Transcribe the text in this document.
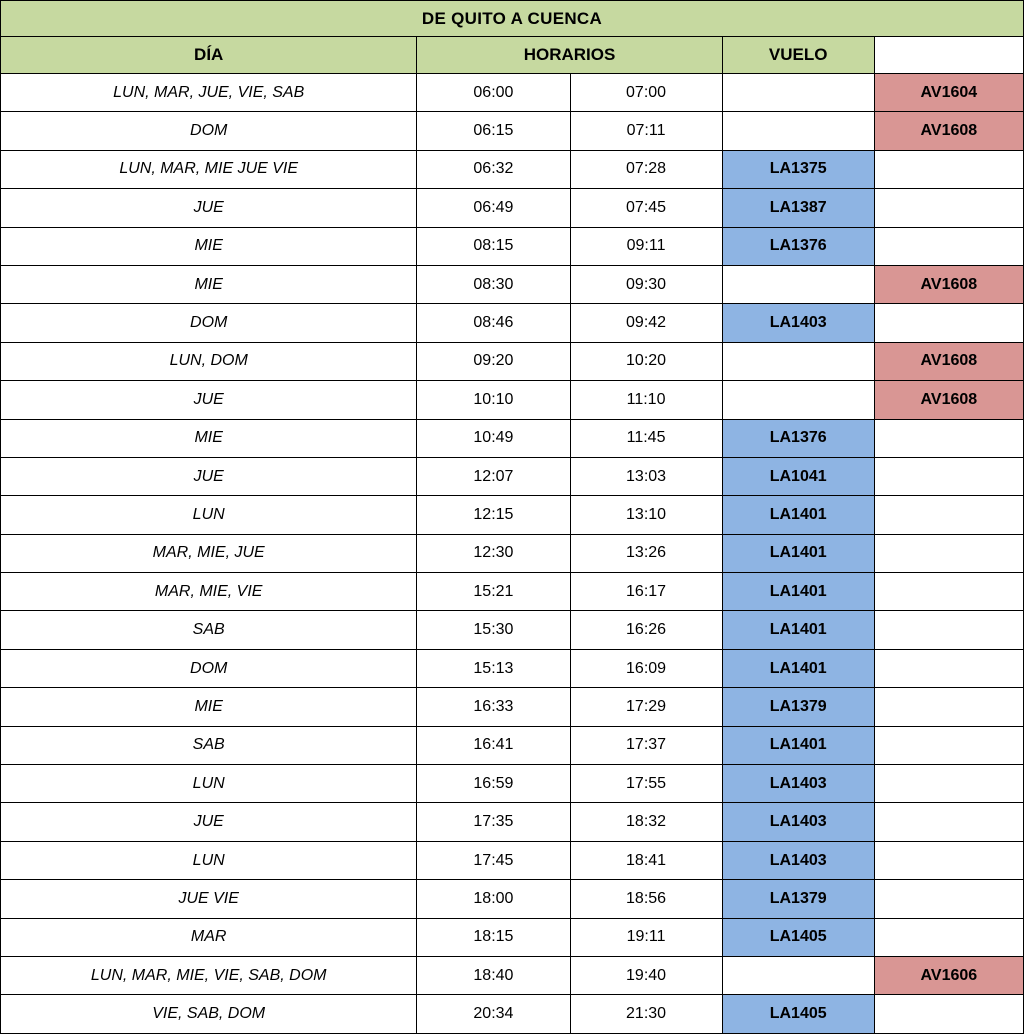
DE QUITO A CUENCA				
DÍA	HORARIOS		VUELO	
LUN, MAR, JUE, VIE, SAB	06:00	07:00		AV1604
DOM	06:15	07:11		AV1608
LUN, MAR, MIE JUE VIE	06:32	07:28	LA1375	
JUE	06:49	07:45	LA1387	
MIE	08:15	09:11	LA1376	
MIE	08:30	09:30		AV1608
DOM	08:46	09:42	LA1403	
LUN, DOM	09:20	10:20		AV1608
JUE	10:10	11:10		AV1608
MIE	10:49	11:45	LA1376	
JUE	12:07	13:03	LA1041	
LUN	12:15	13:10	LA1401	
MAR, MIE, JUE	12:30	13:26	LA1401	
MAR, MIE, VIE	15:21	16:17	LA1401	
SAB	15:30	16:26	LA1401	
DOM	15:13	16:09	LA1401	
MIE	16:33	17:29	LA1379	
SAB	16:41	17:37	LA1401	
LUN	16:59	17:55	LA1403	
JUE	17:35	18:32	LA1403	
LUN	17:45	18:41	LA1403	
JUE VIE	18:00	18:56	LA1379	
MAR	18:15	19:11	LA1405	
LUN, MAR, MIE, VIE, SAB, DOM	18:40	19:40		AV1606
VIE, SAB, DOM	20:34	21:30	LA1405	
